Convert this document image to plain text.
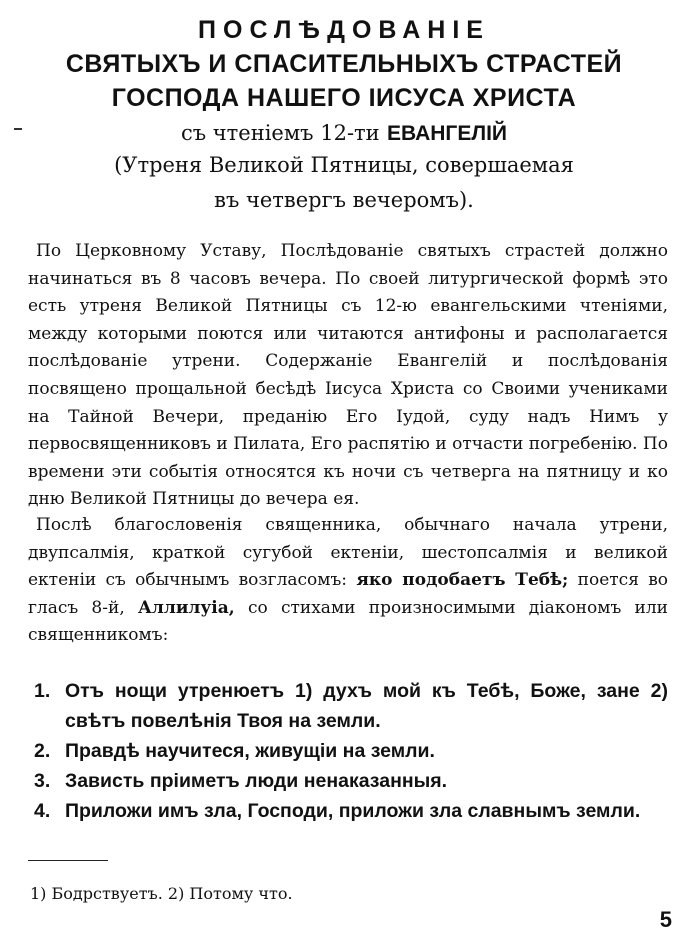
ПОСЛѢДОВАНІЕ
СВЯТЫХЪ И СПАСИТЕЛЬНЫХЪ СТРАСТЕЙ
ГОСПОДА НАШЕГО ІИСУСА ХРИСТА
съ чтеніемъ 12-ти ЕВАНГЕЛІЙ
(Утреня Великой Пятницы, совершаемая
въ четвергъ вечеромъ).

По Церковному Уставу, Послѣдованіе святыхъ страстей должно начинаться въ 8 часовъ вечера. По своей литургической формѣ это есть утреня Великой Пятницы съ 12-ю евангельскими чтеніями, между которыми поются или читаются антифоны и располагается послѣдованіе утрени. Содержаніе Евангелій и послѣдованія посвящено прощальной бесѣдѣ Іисуса Христа со Своими учениками на Тайной Вечери, преданію Его Іудой, суду надъ Нимъ у первосвященниковъ и Пилата, Его распятію и отчасти погребенію. По времени эти событія относятся къ ночи съ четверга на пятницу и ко дню Великой Пятницы до вечера ея.

Послѣ благословенія священника, обычнаго начала утрени, двупсалмія, краткой сугубой ектеніи, шестопсалмія и великой ектеніи съ обычнымъ возгласомъ: яко подобаетъ Тебѣ; поется во гласъ 8-й, Аллилуіа, со стихами произносимыми діакономъ или священникомъ:

1. Отъ нощи утренюетъ 1) духъ мой къ Тебѣ, Боже, зане 2) свѣтъ повелѣнія Твоя на земли.
2. Правдѣ научитеся, живущіи на земли.
3. Зависть пріиметъ люди ненаказанныя.
4. Приложи имъ зла, Господи, приложи зла славнымъ земли.
1) Бодрствуетъ. 2) Потому что.
5
